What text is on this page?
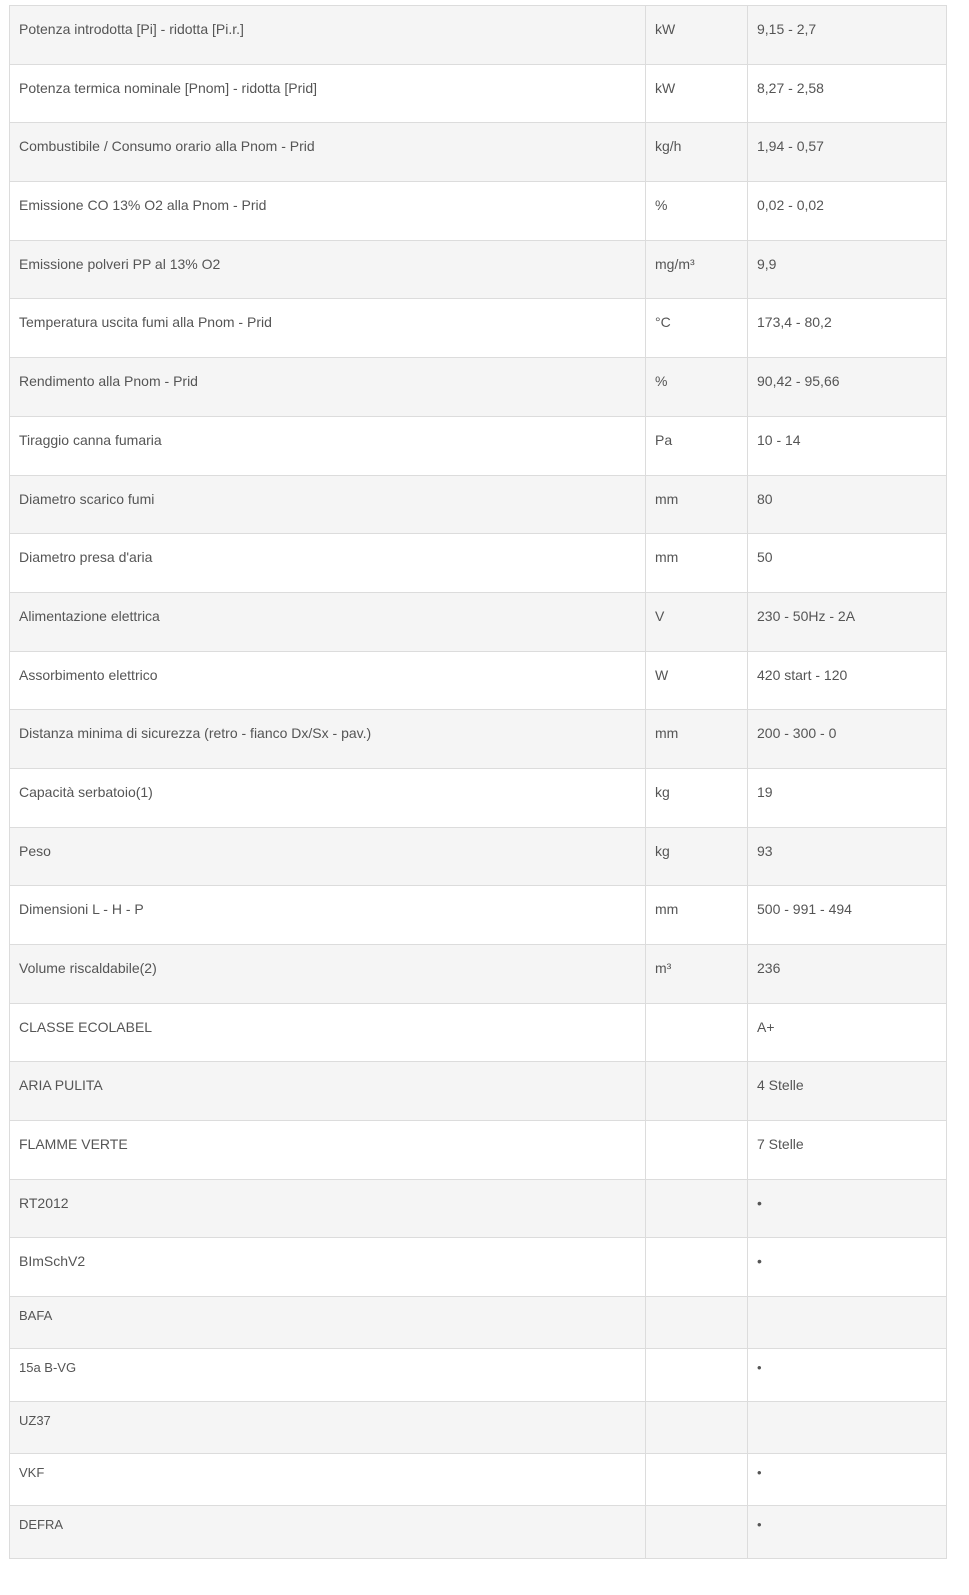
Potenza introdotta [Pi] - ridotta [Pi.r.]	kW	9,15 - 2,7
Potenza termica nominale [Pnom] - ridotta [Prid]	kW	8,27 - 2,58
Combustibile / Consumo orario alla Pnom - Prid	kg/h	1,94 - 0,57
Emissione CO 13% O2 alla Pnom - Prid	%	0,02 - 0,02
Emissione polveri PP al 13% O2	mg/m³	9,9
Temperatura uscita fumi alla Pnom - Prid	°C	173,4 - 80,2
Rendimento alla Pnom - Prid	%	90,42 - 95,66
Tiraggio canna fumaria	Pa	10 - 14
Diametro scarico fumi	mm	80
Diametro presa d'aria	mm	50
Alimentazione elettrica	V	230 - 50Hz - 2A
Assorbimento elettrico	W	420 start - 120
Distanza minima di sicurezza (retro - fianco Dx/Sx - pav.)	mm	200 - 300 - 0
Capacità serbatoio(1)	kg	19
Peso	kg	93
Dimensioni L - H - P	mm	500 - 991 - 494
Volume riscaldabile(2)	m³	236
CLASSE ECOLABEL		A+
ARIA PULITA		4 Stelle
FLAMME VERTE		7 Stelle
RT2012		•
BImSchV2		•
BAFA		
15a B-VG		•
UZ37		
VKF		•
DEFRA		•
